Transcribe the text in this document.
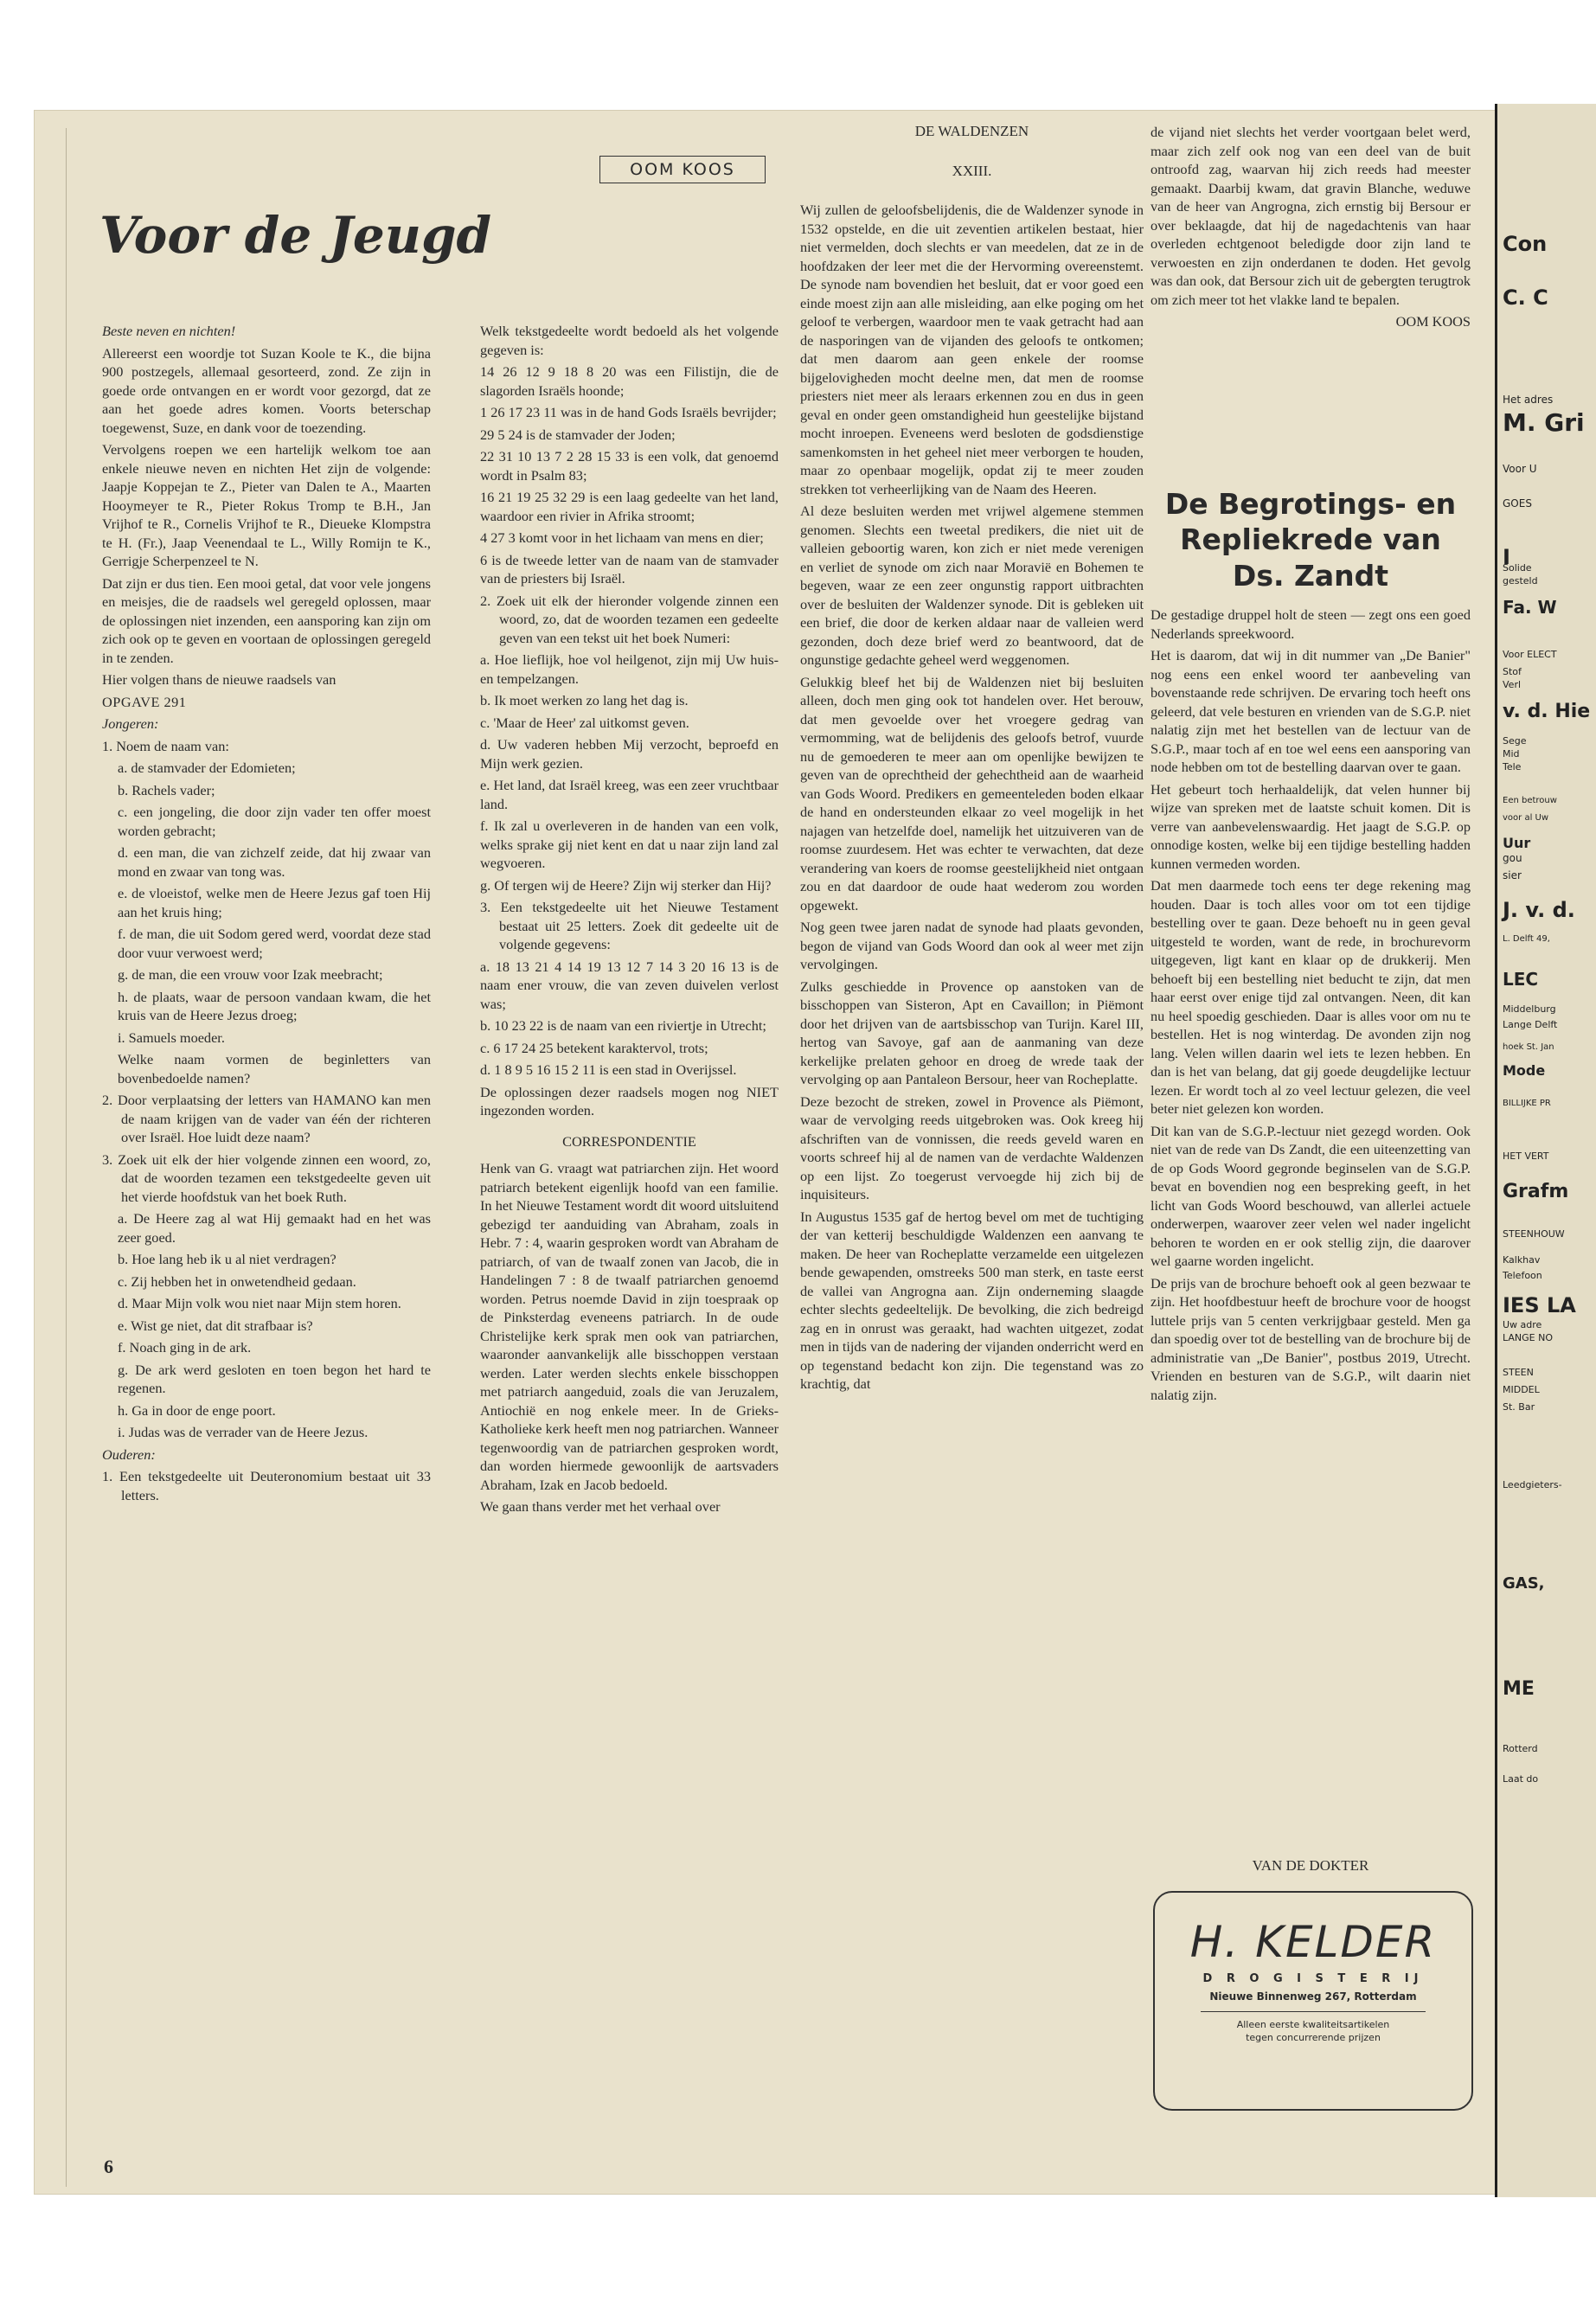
OOM KOOS
Voor de Jeugd

Beste neven en nichten!

Allereerst een woordje tot Suzan Koole te K., die bijna 900 postzegels, allemaal gesorteerd, zond. Ze zijn in goede orde ontvangen en er wordt voor gezorgd, dat ze aan het goede adres komen. Voorts beterschap toegewenst, Suze, en dank voor de toezending.

Vervolgens roepen we een hartelijk welkom toe aan enkele nieuwe neven en nichten Het zijn de volgende: Jaapje Koppejan te Z., Pieter van Dalen te A., Maarten Hooymeyer te R., Pieter Rokus Tromp te B.H., Jan Vrijhof te R., Cornelis Vrijhof te R., Dieueke Klompstra te H. (Fr.), Jaap Veenendaal te L., Willy Romijn te K., Gerrigje Scherpenzeel te N.

Dat zijn er dus tien. Een mooi getal, dat voor vele jongens en meisjes, die de raadsels wel geregeld oplossen, maar de oplossingen niet inzenden, een aansporing kan zijn om zich ook op te geven en voortaan de oplossingen geregeld in te zenden.

Hier volgen thans de nieuwe raadsels van

OPGAVE 291

Jongeren:

1. Noem de naam van:

a. de stamvader der Edomieten;

b. Rachels vader;

c. een jongeling, die door zijn vader ten offer moest worden gebracht;

d. een man, die van zichzelf zeide, dat hij zwaar van mond en zwaar van tong was.

e. de vloeistof, welke men de Heere Jezus gaf toen Hij aan het kruis hing;

f. de man, die uit Sodom gered werd, voordat deze stad door vuur verwoest werd;

g. de man, die een vrouw voor Izak meebracht;

h. de plaats, waar de persoon vandaan kwam, die het kruis van de Heere Jezus droeg;

i. Samuels moeder.

Welke naam vormen de beginletters van bovenbedoelde namen?

2. Door verplaatsing der letters van HAMANO kan men de naam krijgen van de vader van één der richteren over Israël. Hoe luidt deze naam?

3. Zoek uit elk der hier volgende zinnen een woord, zo, dat de woorden tezamen een tekstgedeelte geven uit het vierde hoofdstuk van het boek Ruth.

a. De Heere zag al wat Hij gemaakt had en het was zeer goed.

b. Hoe lang heb ik u al niet verdragen?

c. Zij hebben het in onwetendheid gedaan.

d. Maar Mijn volk wou niet naar Mijn stem horen.

e. Wist ge niet, dat dit strafbaar is?

f. Noach ging in de ark.

g. De ark werd gesloten en toen begon het hard te regenen.

h. Ga in door de enge poort.

i. Judas was de verrader van de Heere Jezus.

Ouderen:

1. Een tekstgedeelte uit Deuteronomium bestaat uit 33 letters.

Welk tekstgedeelte wordt bedoeld als het volgende gegeven is:

14 26 12 9 18 8 20 was een Filistijn, die de slagorden Israëls hoonde;

1 26 17 23 11 was in de hand Gods Israëls bevrijder;

29 5 24 is de stamvader der Joden;

22 31 10 13 7 2 28 15 33 is een volk, dat genoemd wordt in Psalm 83;

16 21 19 25 32 29 is een laag gedeelte van het land, waardoor een rivier in Afrika stroomt;

4 27 3 komt voor in het lichaam van mens en dier;

6 is de tweede letter van de naam van de stamvader van de priesters bij Israël.

2. Zoek uit elk der hieronder volgende zinnen een woord, zo, dat de woorden tezamen een gedeelte geven van een tekst uit het boek Numeri:

a. Hoe lieflijk, hoe vol heilgenot, zijn mij Uw huis- en tempelzangen.

b. Ik moet werken zo lang het dag is.

c. 'Maar de Heer' zal uitkomst geven.

d. Uw vaderen hebben Mij verzocht, beproefd en Mijn werk gezien.

e. Het land, dat Israël kreeg, was een zeer vruchtbaar land.

f. Ik zal u overleveren in de handen van een volk, welks sprake gij niet kent en dat u naar zijn land zal wegvoeren.

g. Of tergen wij de Heere? Zijn wij sterker dan Hij?

3. Een tekstgedeelte uit het Nieuwe Testament bestaat uit 25 letters. Zoek dit gedeelte uit de volgende gegevens:

a. 18 13 21 4 14 19 13 12 7 14 3 20 16 13 is de naam ener vrouw, die van zeven duivelen verlost was;

b. 10 23 22 is de naam van een riviertje in Utrecht;

c. 6 17 24 25 betekent karaktervol, trots;

d. 1 8 9 5 16 15 2 11 is een stad in Overijssel.

De oplossingen dezer raadsels mogen nog NIET ingezonden worden.

CORRESPONDENTIE

Henk van G. vraagt wat patriarchen zijn. Het woord patriarch betekent eigenlijk hoofd van een familie. In het Nieuwe Testament wordt dit woord uitsluitend gebezigd ter aanduiding van Abraham, zoals in Hebr. 7 : 4, waarin gesproken wordt van Abraham de patriarch, of van de twaalf zonen van Jacob, die in Handelingen 7 : 8 de twaalf patriarchen genoemd worden. Petrus noemde David in zijn toespraak op de Pinksterdag eveneens patriarch. In de oude Christelijke kerk sprak men ook van patriarchen, waaronder aanvankelijk alle bisschoppen verstaan werden. Later werden slechts enkele bisschoppen met patriarch aangeduid, zoals die van Jeruzalem, Antiochië en nog enkele meer. In de Grieks-Katholieke kerk heeft men nog patriarchen. Wanneer tegenwoordig van de patriarchen gesproken wordt, dan worden hiermede gewoonlijk de aartsvaders Abraham, Izak en Jacob bedoeld.

We gaan thans verder met het verhaal over

DE WALDENZEN
XXIII.

Wij zullen de geloofsbelijdenis, die de Waldenzer synode in 1532 opstelde, en die uit zeventien artikelen bestaat, hier niet vermelden, doch slechts er van meedelen, dat ze in de hoofdzaken der leer met die der Hervorming overeenstemt. De synode nam bovendien het besluit, dat er voor goed een einde moest zijn aan alle misleiding, aan elke poging om het geloof te verbergen, waardoor men te vaak getracht had aan de nasporingen van de vijanden des geloofs te ontkomen; dat men daarom aan geen enkele der roomse bijgelovigheden mocht deelne men, dat men de roomse priesters niet meer als leraars erkennen zou en dus in geen geval en onder geen omstandigheid hun geestelijke bijstand mocht inroepen. Eveneens werd besloten de godsdienstige samenkomsten in het geheel niet meer verborgen te houden, maar zo openbaar mogelijk, opdat zij te meer zouden strekken tot verheerlijking van de Naam des Heeren.

Al deze besluiten werden met vrijwel algemene stemmen genomen. Slechts een tweetal predikers, die niet uit de valleien geboortig waren, kon zich er niet mede verenigen en verliet de synode om zich naar Moravië en Bohemen te begeven, waar ze een zeer ongunstig rapport uitbrachten over de besluiten der Waldenzer synode. Dit is gebleken uit een brief, die door de kerken aldaar naar de valleien werd gezonden, doch deze brief werd zo beantwoord, dat de ongunstige gedachte geheel werd weggenomen.

Gelukkig bleef het bij de Waldenzen niet bij besluiten alleen, doch men ging ook tot handelen over. Het berouw, dat men gevoelde over het vroegere gedrag van vermomming, wat de belijdenis des geloofs betrof, vuurde nu de gemoederen te meer aan om openlijke bewijzen te geven van de oprechtheid der gehechtheid aan de waarheid van Gods Woord. Predikers en gemeenteleden boden elkaar de hand en ondersteunden elkaar zo veel mogelijk in het najagen van hetzelfde doel, namelijk het uitzuiveren van de roomse zuurdesem. Het was echter te verwachten, dat deze verandering van koers de roomse geestelijkheid niet ontgaan zou en dat daardoor de oude haat wederom zou worden opgewekt.

Nog geen twee jaren nadat de synode had plaats gevonden, begon de vijand van Gods Woord dan ook al weer met zijn vervolgingen.

Zulks geschiedde in Provence op aanstoken van de bisschoppen van Sisteron, Apt en Cavaillon; in Piëmont door het drijven van de aartsbisschop van Turijn. Karel III, hertog van Savoye, gaf aan de aanmaning van deze kerkelijke prelaten gehoor en droeg de wrede taak der vervolging op aan Pantaleon Bersour, heer van Rocheplatte.

Deze bezocht de streken, zowel in Provence als Piëmont, waar de vervolging reeds uitgebroken was. Ook kreeg hij afschriften van de vonnissen, die reeds geveld waren en voorts schreef hij al de namen van de verdachte Waldenzen op een lijst. Zo toegerust vervoegde hij zich bij de inquisiteurs.

In Augustus 1535 gaf de hertog bevel om met de tuchtiging der van ketterij beschuldigde Waldenzen een aanvang te maken. De heer van Rocheplatte verzamelde een uitgelezen bende gewapenden, omstreeks 500 man sterk, en taste eerst de vallei van Angrogna aan. Zijn onderneming slaagde echter slechts gedeeltelijk. De bevolking, die zich bedreigd zag en in onrust was geraakt, had wachten uitgezet, zodat men in tijds van de nadering der vijanden onderricht werd en op tegenstand bedacht kon zijn. Die tegenstand was zo krachtig, dat

de vijand niet slechts het verder voortgaan belet werd, maar zich zelf ook nog van een deel van de buit ontroofd zag, waarvan hij zich reeds had meester gemaakt. Daarbij kwam, dat gravin Blanche, weduwe van de heer van Angrogna, zich ernstig bij Bersour er over beklaagde, dat hij de nagedachtenis van haar overleden echtgenoot beledigde door zijn land te verwoesten en zijn onderdanen te doden. Het gevolg was dan ook, dat Bersour zich uit de gebergten terugtrok om zich meer tot het vlakke land te bepalen.

OOM KOOS

De Begrotings- en Repliekrede van Ds. Zandt

De gestadige druppel holt de steen — zegt ons een goed Nederlands spreekwoord.

Het is daarom, dat wij in dit nummer van „De Banier" nog eens een enkel woord ter aanbeveling van bovenstaande rede schrijven. De ervaring toch heeft ons geleerd, dat vele besturen en vrienden van de S.G.P. niet nalatig zijn met het bestellen van de lectuur van de S.G.P., maar toch af en toe wel eens een aansporing van node hebben om tot de bestelling daarvan over te gaan.

Het gebeurt toch herhaaldelijk, dat velen hunner bij wijze van spreken met de laatste schuit komen. Dit is verre van aanbevelenswaardig. Het jaagt de S.G.P. op onnodige kosten, welke bij een tijdige bestelling hadden kunnen vermeden worden.

Dat men daarmede toch eens ter dege rekening mag houden. Daar is toch alles voor om tot een tijdige bestelling over te gaan. Deze behoeft nu in geen geval uitgesteld te worden, want de rede, in brochurevorm uitgegeven, ligt kant en klaar op de drukkerij. Men behoeft bij een bestelling niet beducht te zijn, dat men haar eerst over enige tijd zal ontvangen. Neen, dit kan nu heel spoedig geschieden. Daar is alles voor om nu te bestellen. Het is nog winterdag. De avonden zijn nog lang. Velen willen daarin wel iets te lezen hebben. En dan is het van belang, dat gij goede deugdelijke lectuur lezen. Er wordt toch al zo veel lectuur gelezen, die veel beter niet gelezen kon worden.

Dit kan van de S.G.P.-lectuur niet gezegd worden. Ook niet van de rede van Ds Zandt, die een uiteenzetting van de op Gods Woord gegronde beginselen van de S.G.P. bevat en bovendien nog een bespreking geeft, in het licht van Gods Woord beschouwd, van allerlei actuele onderwerpen, waarover zeer velen wel nader ingelicht behoren te worden en er ook stellig zijn, die daarover wel gaarne worden ingelicht.

De prijs van de brochure behoeft ook al geen bezwaar te zijn. Het hoofdbestuur heeft de brochure voor de hoogst luttele prijs van 5 centen verkrijgbaar gesteld. Men ga dan spoedig over tot de bestelling van de brochure bij de administratie van „De Banier", postbus 2019, Utrecht. Vrienden en besturen van de S.G.P., wilt daarin niet nalatig zijn.

VAN DE DOKTER
H. KELDER
D R O G I S T E R IJ
Nieuwe Binnenweg 267, Rotterdam
Alleen eerste kwaliteitsartikelen
tegen concurrerende prijzen
6
Con
C. C
Het adres
M. Gri
Voor U
GOES
I
Solide
gesteld
Fa. W
Voor ELECT
Stof
Verl
v. d. Hie
Sege
Mid
Tele
Een betrouw
voor al Uw
Uur
gou
sier
J. v. d.
L. Delft 49,
LEC
Middelburg
Lange Delft
hoek St. Jan
Mode
BILLIJKE PR
HET VERT
Grafm
STEENHOUW
Kalkhav
Telefoon
IES LA
Uw adre
LANGE NO
STEEN
MIDDEL
St. Bar
Leedgieters-
GAS,
ME
Rotterd
Laat do
